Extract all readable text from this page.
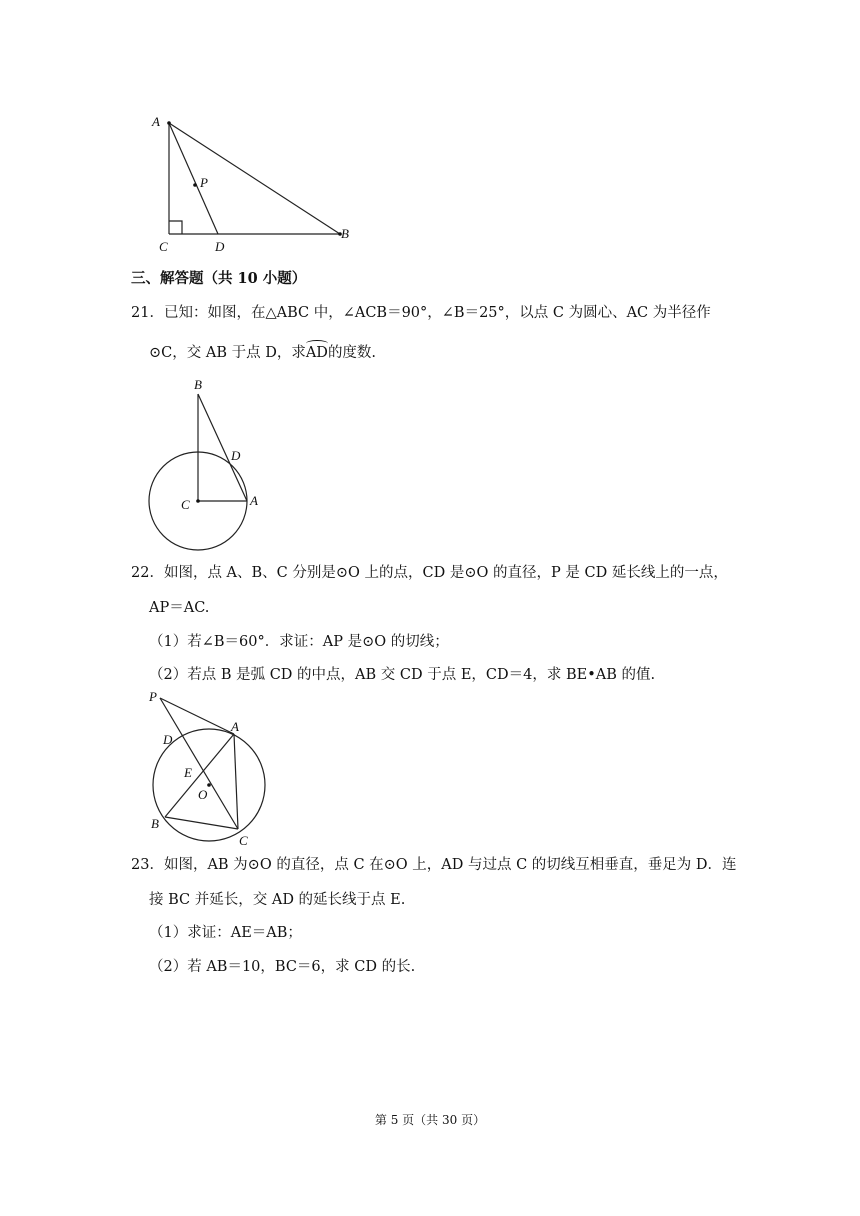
A
P
C	D
B
三、解答题（共 10 小题）
21．已知：如图，在△ABC 中，∠ACB＝90°，∠B＝25°，以点 C 为圆心、AC 为半径作
⊙C，交 AB 于点 D，求AD的度数.
B
D
C	A
22．如图，点 A、B、C 分别是⊙O 上的点，CD 是⊙O 的直径，P 是 CD 延长线上的一点，
AP＝AC.
（1）若∠B＝60°．求证：AP 是⊙O 的切线；
（2）若点 B 是弧 CD 的中点，AB 交 CD 于点 E，CD＝4，求 BE•AB 的值.
P
A
D
E
O
B
C
23．如图，AB 为⊙O 的直径，点 C 在⊙O 上，AD 与过点 C 的切线互相垂直，垂足为 D．连
接 BC 并延长，交 AD 的延长线于点 E.
（1）求证：AE＝AB；
（2）若 AB＝10，BC＝6，求 CD 的长.
第 5 页（共 30 页）
